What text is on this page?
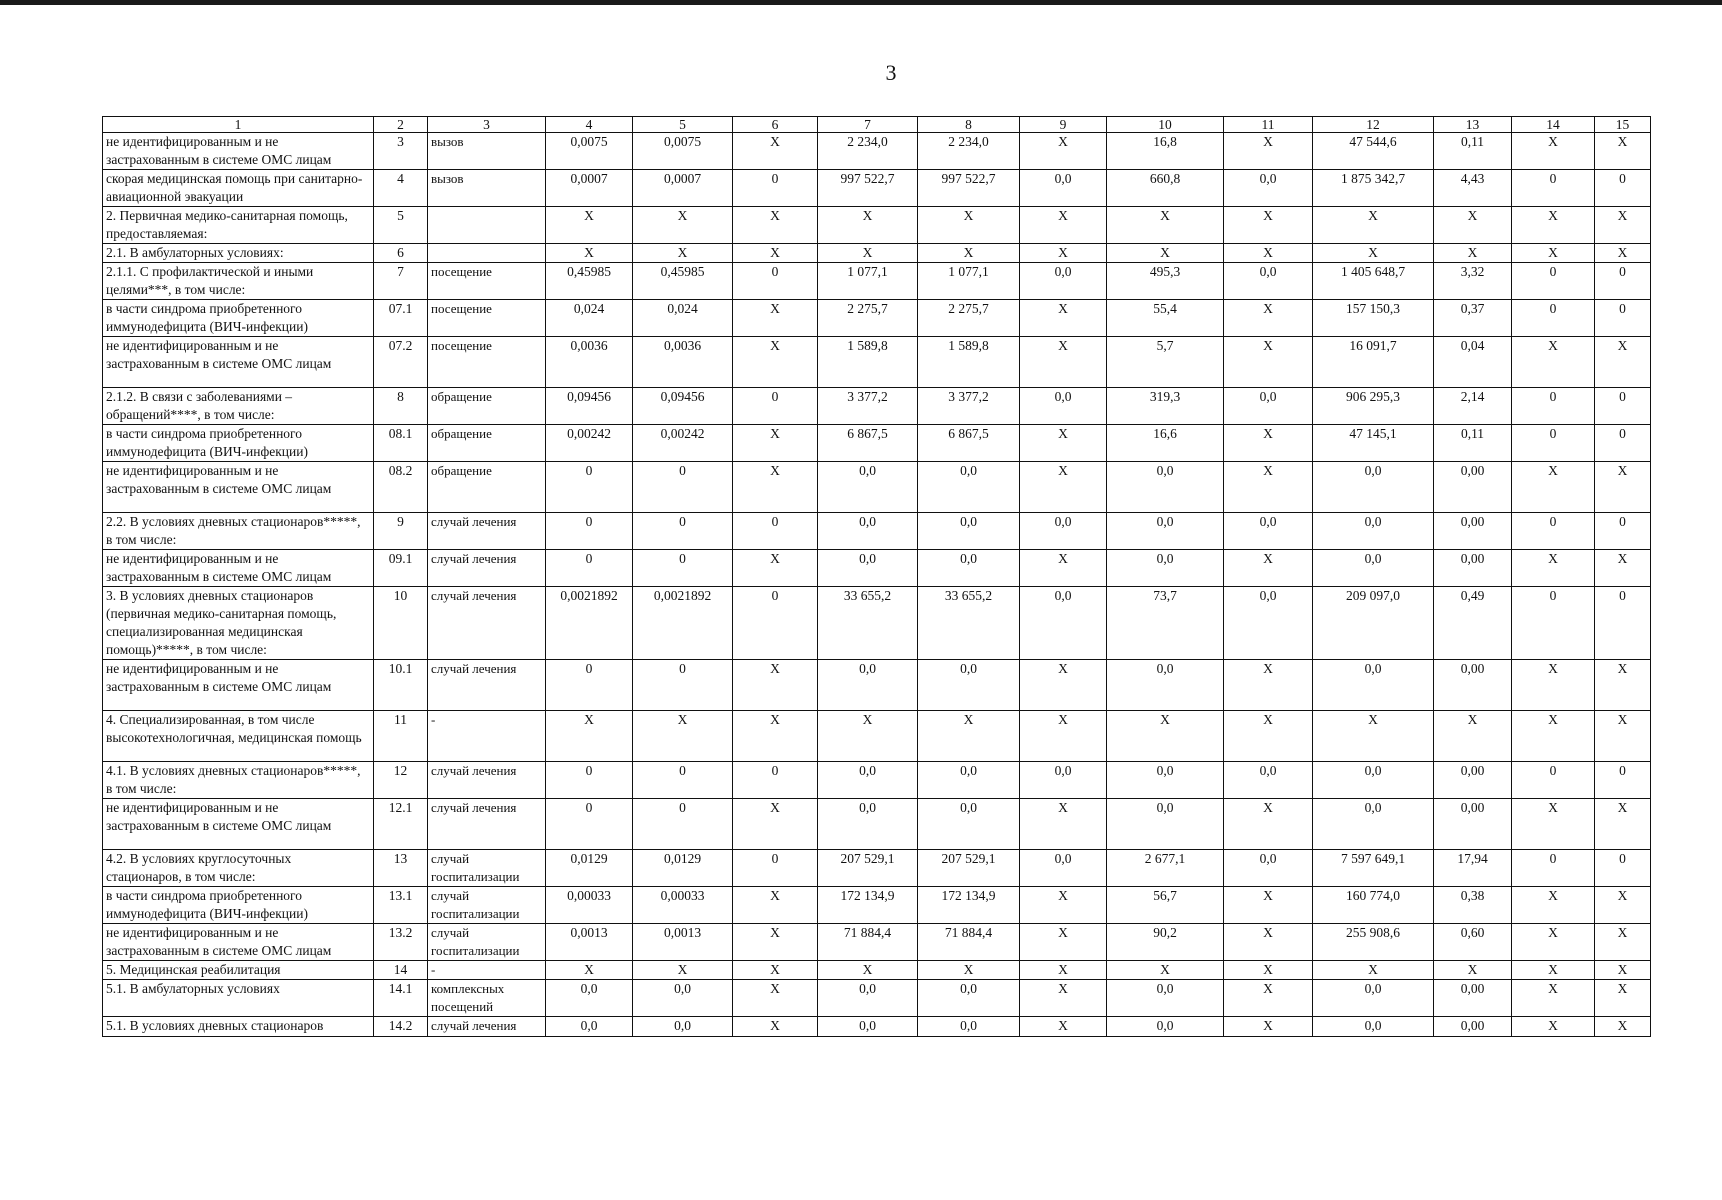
3
1	2	3	4	5	6	7	8	9	10	11	12	13	14	15
не идентифицированным и не застрахованным в системе ОМС лицам	3	вызов	0,0075	0,0075	X	2 234,0	2 234,0	X	16,8	X	47 544,6	0,11	X	X
скорая медицинская помощь при санитарно-авиационной эвакуации	4	вызов	0,0007	0,0007	0	997 522,7	997 522,7	0,0	660,8	0,0	1 875 342,7	4,43	0	0
2. Первичная медико-санитарная помощь, предоставляемая:	5		X	X	X	X	X	X	X	X	X	X	X	X
2.1. В амбулаторных условиях:	6		X	X	X	X	X	X	X	X	X	X	X	X
2.1.1. С профилактической и иными целями***, в том числе:	7	посещение	0,45985	0,45985	0	1 077,1	1 077,1	0,0	495,3	0,0	1 405 648,7	3,32	0	0
в части синдрома приобретенного иммунодефицита (ВИЧ-инфекции)	07.1	посещение	0,024	0,024	X	2 275,7	2 275,7	X	55,4	X	157 150,3	0,37	0	0
не идентифицированным и не застрахованным в системе ОМС лицам	07.2	посещение	0,0036	0,0036	X	1 589,8	1 589,8	X	5,7	X	16 091,7	0,04	X	X
2.1.2. В связи с заболеваниями – обращений****, в том числе:	8	обращение	0,09456	0,09456	0	3 377,2	3 377,2	0,0	319,3	0,0	906 295,3	2,14	0	0
в части синдрома приобретенного иммунодефицита (ВИЧ-инфекции)	08.1	обращение	0,00242	0,00242	X	6 867,5	6 867,5	X	16,6	X	47 145,1	0,11	0	0
не идентифицированным и не застрахованным в системе ОМС лицам	08.2	обращение	0	0	X	0,0	0,0	X	0,0	X	0,0	0,00	X	X
2.2. В условиях дневных стационаров*****, в том числе:	9	случай лечения	0	0	0	0,0	0,0	0,0	0,0	0,0	0,0	0,00	0	0
не идентифицированным и не застрахованным в системе ОМС лицам	09.1	случай лечения	0	0	X	0,0	0,0	X	0,0	X	0,0	0,00	X	X
3. В условиях дневных стационаров (первичная медико-санитарная помощь, специализированная медицинская помощь)*****, в том числе:	10	случай лечения	0,0021892	0,0021892	0	33 655,2	33 655,2	0,0	73,7	0,0	209 097,0	0,49	0	0
не идентифицированным и не застрахованным в системе ОМС лицам	10.1	случай лечения	0	0	X	0,0	0,0	X	0,0	X	0,0	0,00	X	X
4. Специализированная, в том числе высокотехнологичная, медицинская помощь	11	-	X	X	X	X	X	X	X	X	X	X	X	X
4.1. В условиях дневных стационаров*****, в том числе:	12	случай лечения	0	0	0	0,0	0,0	0,0	0,0	0,0	0,0	0,00	0	0
не идентифицированным и не застрахованным в системе ОМС лицам	12.1	случай лечения	0	0	X	0,0	0,0	X	0,0	X	0,0	0,00	X	X
4.2. В условиях круглосуточных стационаров, в том числе:	13	случай госпитализации	0,0129	0,0129	0	207 529,1	207 529,1	0,0	2 677,1	0,0	7 597 649,1	17,94	0	0
в части синдрома приобретенного иммунодефицита (ВИЧ-инфекции)	13.1	случай госпитализации	0,00033	0,00033	X	172 134,9	172 134,9	X	56,7	X	160 774,0	0,38	X	X
не идентифицированным и не застрахованным в системе ОМС лицам	13.2	случай госпитализации	0,0013	0,0013	X	71 884,4	71 884,4	X	90,2	X	255 908,6	0,60	X	X
5. Медицинская реабилитация	14	-	X	X	X	X	X	X	X	X	X	X	X	X
5.1. В амбулаторных условиях	14.1	комплексных посещений	0,0	0,0	X	0,0	0,0	X	0,0	X	0,0	0,00	X	X
5.1. В условиях дневных стационаров	14.2	случай лечения	0,0	0,0	X	0,0	0,0	X	0,0	X	0,0	0,00	X	X
